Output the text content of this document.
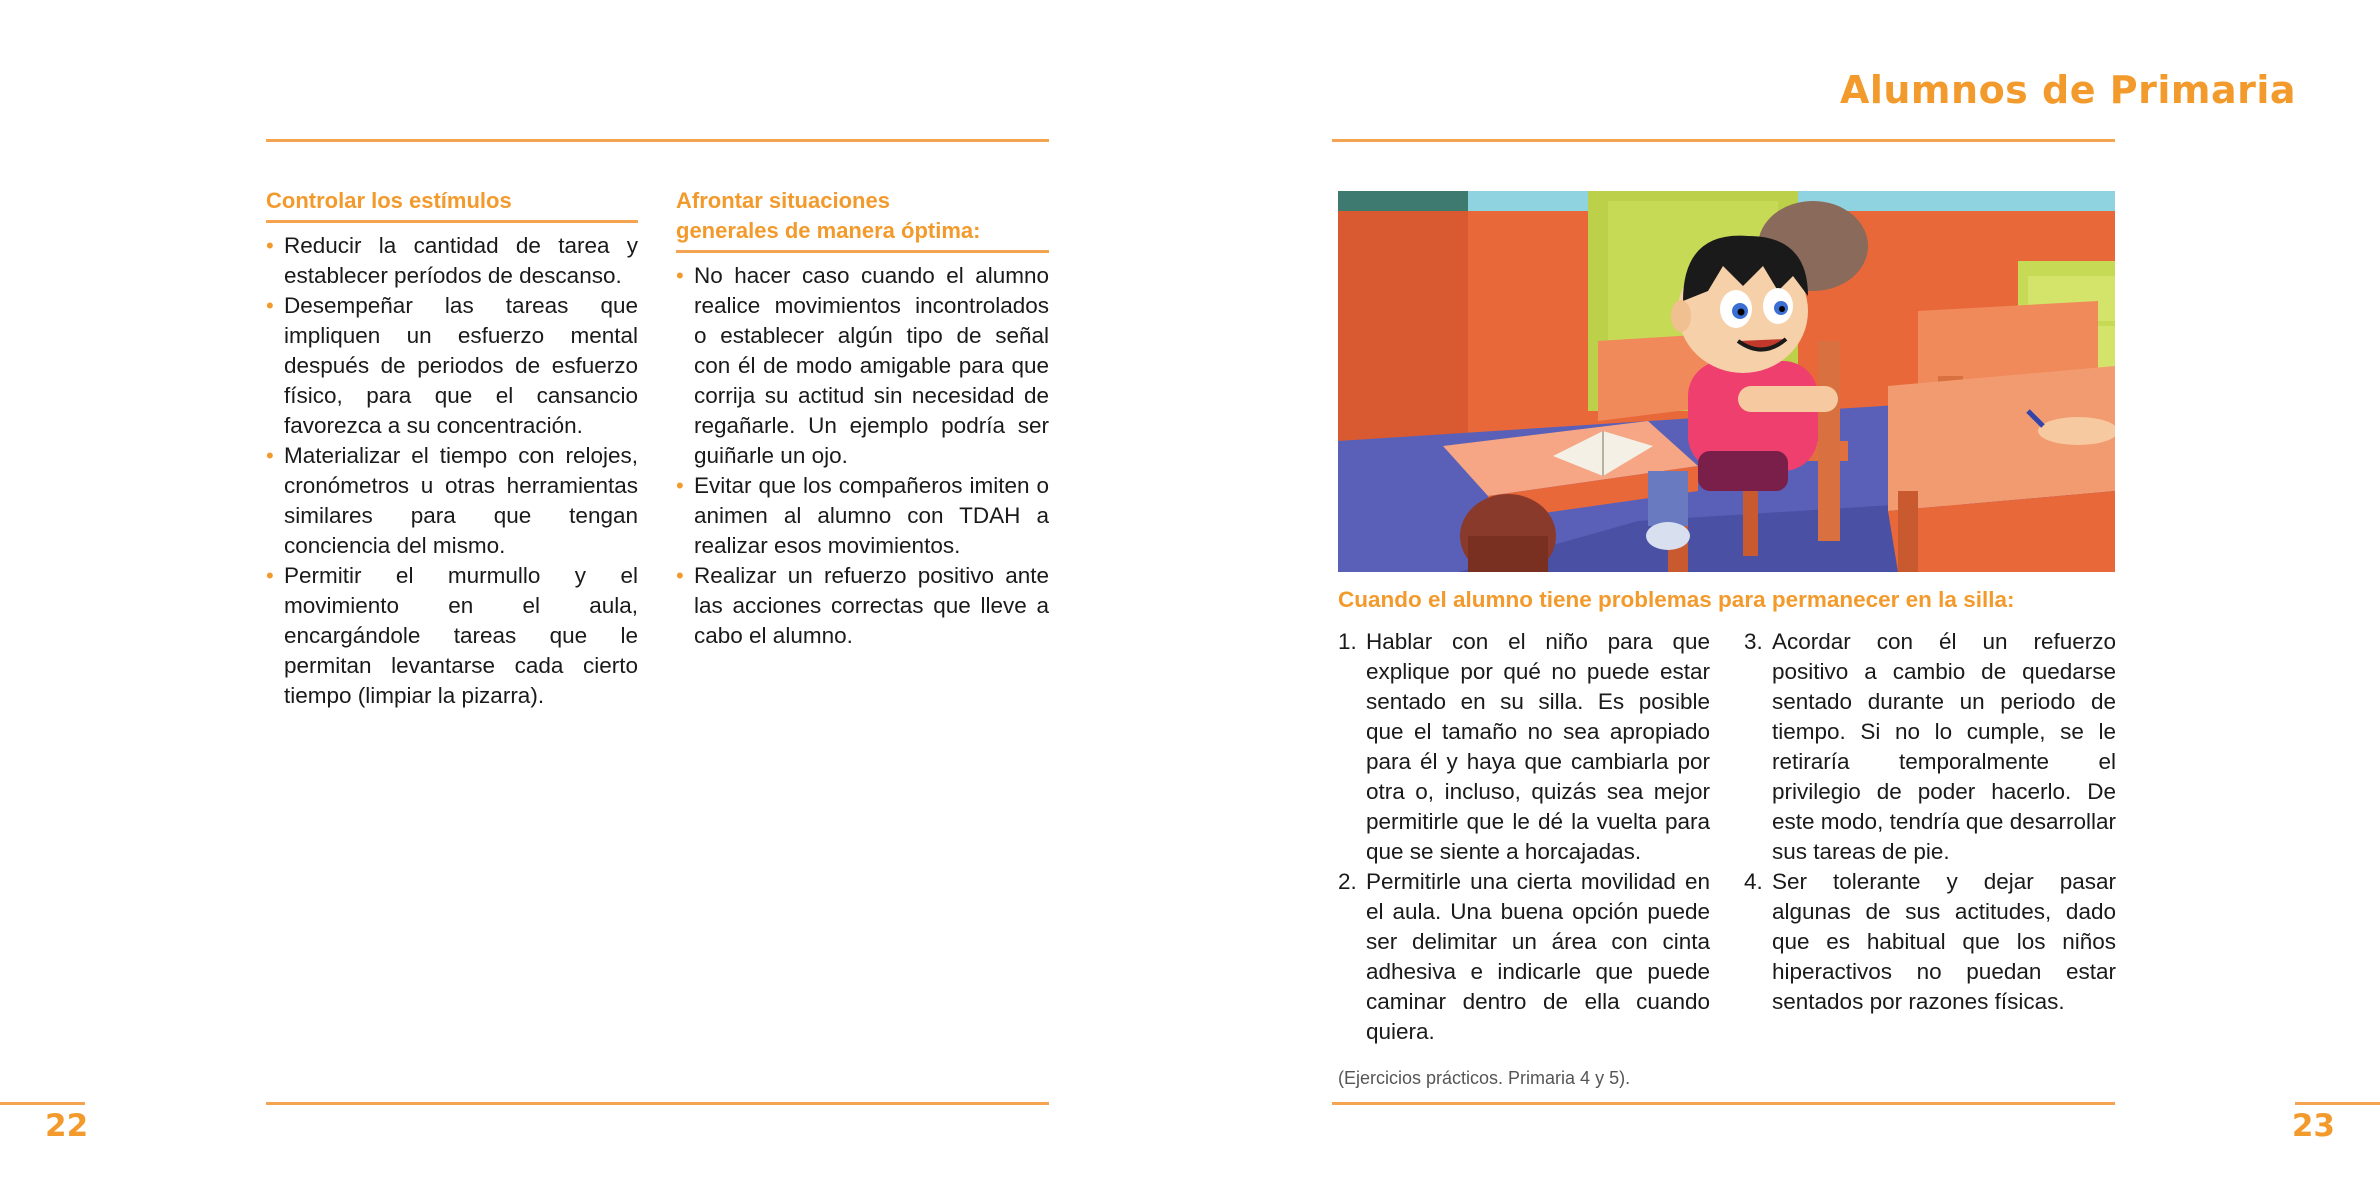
Alumnos de Primaria
Controlar los estímulos
• Reducir la cantidad de tarea y establecer períodos de descanso.
• Desempeñar las tareas que impliquen un esfuerzo mental después de periodos de esfuerzo físico, para que el cansancio favorezca a su concentración.
• Materializar el tiempo con relojes, cronómetros u otras herramientas similares para que tengan conciencia del mismo.
• Permitir el murmullo y el movimiento en el aula, encargándole tareas que le permitan levantarse cada cierto tiempo (limpiar la pizarra).
Afrontar situaciones
generales de manera óptima:
• No hacer caso cuando el alumno realice movimientos incontrolados o establecer algún tipo de señal con él de modo amigable para que corrija su actitud sin necesidad de regañarle. Un ejemplo podría ser guiñarle un ojo.
• Evitar que los compañeros imiten o animen al alumno con TDAH a realizar esos movimientos.
• Realizar un refuerzo positivo ante las acciones correctas que lleve a cabo el alumno.
Cuando el alumno tiene problemas para permanecer en la silla:
1. Hablar con el niño para que explique por qué no puede estar sentado en su silla. Es posible que el tamaño no sea apropiado para él y haya que cambiarla por otra o, incluso, quizás sea mejor permitirle que le dé la vuelta para que se siente a horcajadas.
2. Permitirle una cierta movilidad en el aula. Una buena opción puede ser delimitar un área con cinta adhesiva e indicarle que puede caminar dentro de ella cuando quiera.
3. Acordar con él un refuerzo positivo a cambio de quedarse sentado durante un periodo de tiempo. Si no lo cumple, se le retiraría temporalmente el privilegio de poder hacerlo. De este modo, tendría que desarrollar sus tareas de pie.
4. Ser tolerante y dejar pasar algunas de sus actitudes, dado que es habitual que los niños hiperactivos no puedan estar sentados por razones físicas.
(Ejercicios prácticos. Primaria 4 y 5).
22	23
